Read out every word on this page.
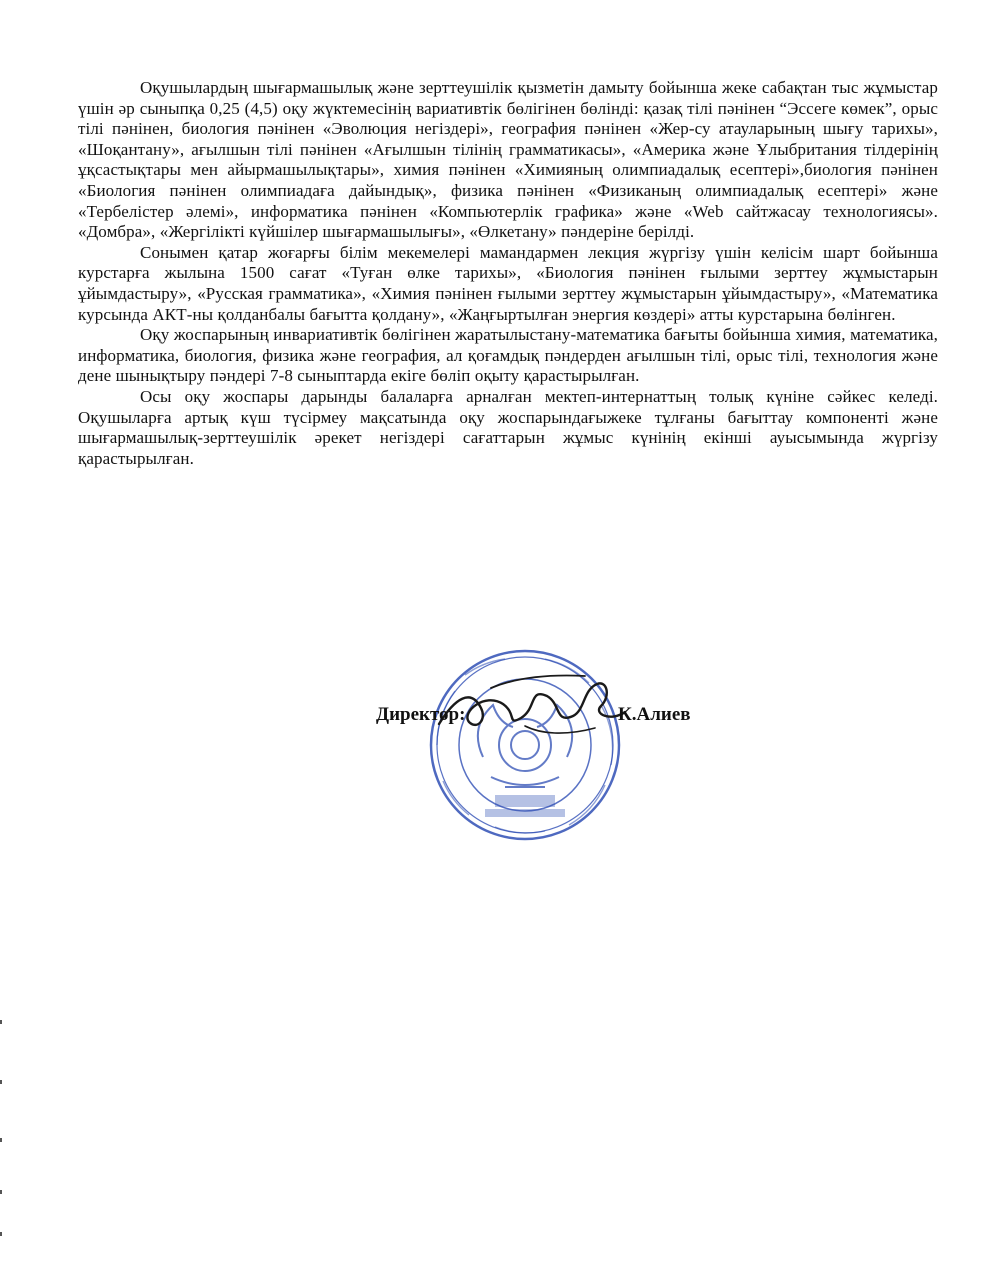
Оқушылардың шығармашылық және зерттеушілік қызметін дамыту бойынша жеке сабақтан тыс жұмыстар үшін әр сыныпқа 0,25 (4,5) оқу жүктемесінің вариативтік бөлігінен бөлінді: қазақ тілі пәнінен “Эссеге көмек”, орыс тілі пәнінен, биология пәнінен «Эволюция негіздері», география пәнінен «Жер-су атауларының шығу тарихы», «Шоқантану», ағылшын тілі пәнінен «Ағылшын тілінің грамматикасы», «Америка және Ұлыбритания тілдерінің ұқсастықтары мен айырмашылықтары», химия пәнінен «Химияның олимпиадалық есептері»,биология пәнінен «Биология пәнінен олимпиадаға дайындық», физика пәнінен «Физиканың олимпиадалық есептері» және «Тербелістер әлемі», информатика пәнінен «Компьютерлік графика» және «Web сайтжасау технологиясы». «Домбра», «Жергілікті күйшілер шығармашылығы», «Өлкетану» пәндеріне берілді.

Сонымен қатар жоғарғы білім мекемелері мамандармен лекция жүргізу үшін келісім шарт бойынша курстарға жылына 1500 сағат «Туған өлке тарихы», «Биология пәнінен ғылыми зерттеу жұмыстарын ұйымдастыру», «Русская грамматика», «Химия пәнінен ғылыми зерттеу жұмыстарын ұйымдастыру», «Математика курсында АКТ-ны қолданбалы бағытта қолдану», «Жаңғыртылған энергия көздері» атты курстарына бөлінген.

Оқу жоспарының инвариативтік бөлігінен жаратылыстану-математика бағыты бойынша химия, математика, информатика, биология, физика және география, ал қоғамдық пәндерден ағылшын тілі, орыс тілі, технология және дене шынықтыру пәндері 7-8 сыныптарда екіге бөліп оқыту қарастырылған.

Осы оқу жоспары дарынды балаларға арналған мектеп-интернаттың толық күніне сәйкес келеді. Оқушыларға артық күш түсірмеу мақсатында оқу жоспарындағыжеке тұлғаны бағыттау компоненті және шығармашылық-зерттеушілік әрекет негіздері сағаттарын жұмыс күнінің екінші ауысымында жүргізу қарастырылған.

Директор:	К.Алиев
